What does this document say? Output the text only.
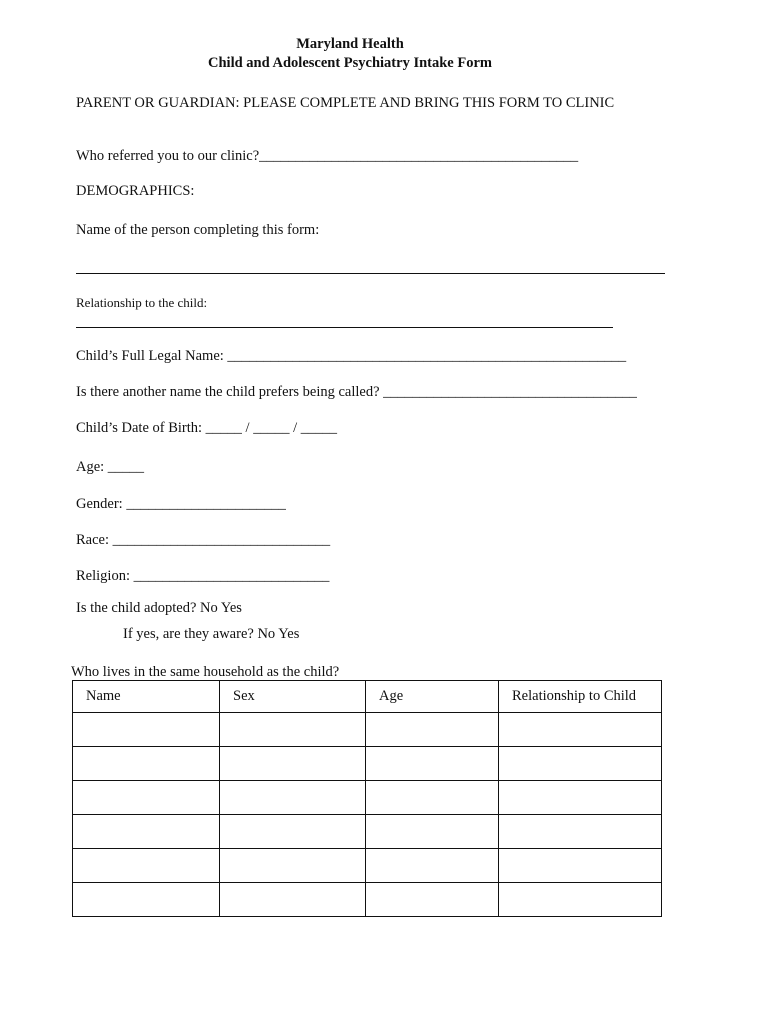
Maryland Health
Child and Adolescent Psychiatry Intake Form
PARENT OR GUARDIAN: PLEASE COMPLETE AND BRING THIS FORM TO CLINIC
Who referred you to our clinic?____________________________________________
DEMOGRAPHICS:
Name of the person completing this form:
Relationship to the child:
Child’s Full Legal Name: _______________________________________________________
Is there another name the child prefers being called? ___________________________________
Child’s Date of Birth: _____ / _____ / _____
Age: _____
Gender: ______________________
Race: ______________________________
Religion: ___________________________
Is the child adopted? No Yes
If yes, are they aware? No Yes
Who lives in the same household as the child?
Name	Sex	Age	Relationship to Child
